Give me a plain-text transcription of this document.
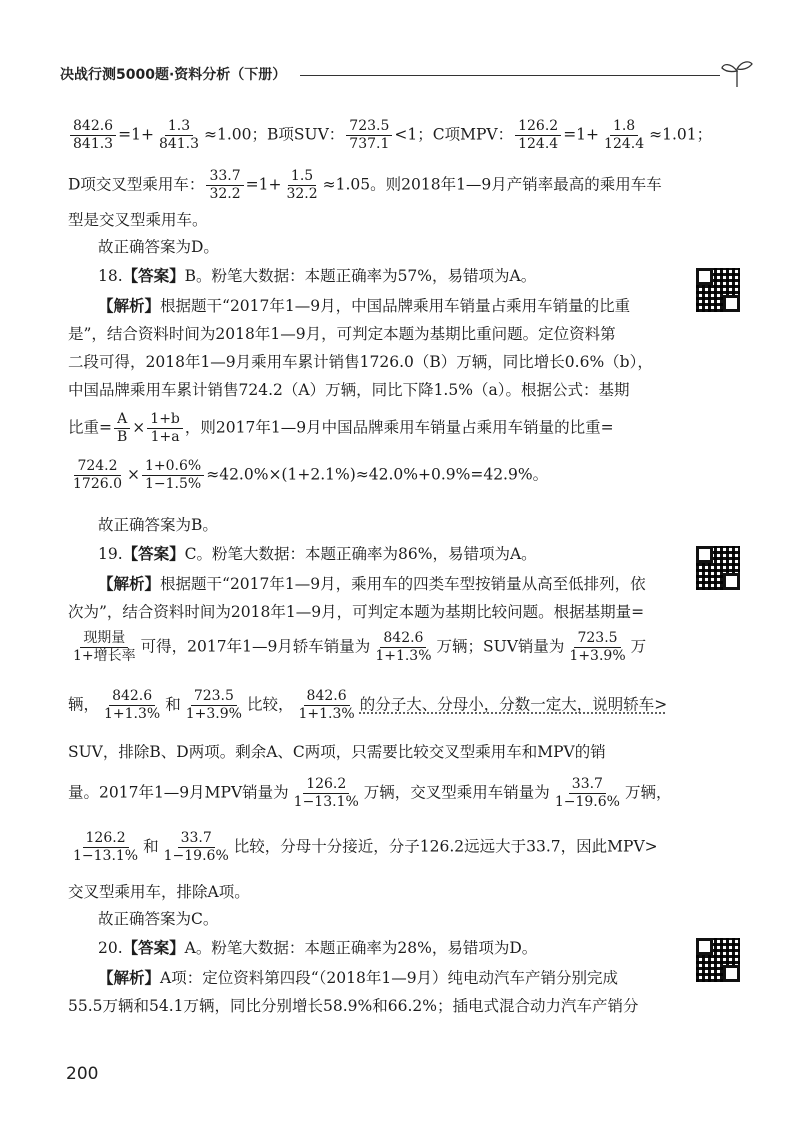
决战行测5000题·资料分析（下册）
$\frac{842.6}{841.3} =1+ \frac{1.3}{841.3} \approx 1.00$；B项SUV： $\frac{723.5}{737.1} <1$；C项MPV： $\frac{126.2}{124.4} =1+ \frac{1.8}{124.4} \approx 1.01$；
D项交叉型乘用车： $\frac{33.7}{32.2} =1+ \frac{1.5}{32.2} \approx 1.05$。则2018年1—9月产销率最高的乘用车车
型是交叉型乘用车。
故正确答案为D。
18.【答案】B。粉笔大数据：本题正确率为57%，易错项为A。
【解析】根据题干“2017年1—9月，中国品牌乘用车销量占乘用车销量的比重
是”，结合资料时间为2018年1—9月，可判定本题为基期比重问题。定位资料第
二段可得，2018年1—9月乘用车累计销售1726.0（B）万辆，同比增长0.6%（b），
中国品牌乘用车累计销售724.2（A）万辆，同比下降1.5%（a）。根据公式：基期
比重= $\frac{A}{B} \times \frac{1+b}{1+a}$ ，则2017年1—9月中国品牌乘用车销量占乘用车销量的比重=
$\frac{724.2}{1726.0} \times \frac{1+0.6\%}{1-1.5\%} \approx 42.0\%\times(1+2.1\%)\approx 42.0\%+0.9\%=42.9\%$。
故正确答案为B。
19.【答案】C。粉笔大数据：本题正确率为86%，易错项为A。
【解析】根据题干“2017年1—9月，乘用车的四类车型按销量从高至低排列，依
次为”，结合资料时间为2018年1—9月，可判定本题为基期比较问题。根据基期量=
$\frac{\text{现期量}}{\text{1+增长率}}$ 可得，2017年1—9月轿车销量为 $\frac{842.6}{1+1.3\%}$ 万辆；SUV销量为 $\frac{723.5}{1+3.9\%}$ 万
辆， $\frac{842.6}{1+1.3\%}$ 和 $\frac{723.5}{1+3.9\%}$ 比较， $\frac{842.6}{1+1.3\%}$ 的分子大、分母小，分数一定大，说明轿车>
SUV，排除B、D两项。剩余A、C两项，只需要比较交叉型乘用车和MPV的销
量。2017年1—9月MPV销量为 $\frac{126.2}{1-13.1\%}$ 万辆，交叉型乘用车销量为 $\frac{33.7}{1-19.6\%}$ 万辆，
$\frac{126.2}{1-13.1\%}$ 和 $\frac{33.7}{1-19.6\%}$ 比较，分母十分接近，分子126.2远远大于33.7，因此MPV>
交叉型乘用车，排除A项。
故正确答案为C。
20.【答案】A。粉笔大数据：本题正确率为28%，易错项为D。
【解析】A项：定位资料第四段“（2018年1—9月）纯电动汽车产销分别完成
55.5万辆和54.1万辆，同比分别增长58.9%和66.2%；插电式混合动力汽车产销分
200
